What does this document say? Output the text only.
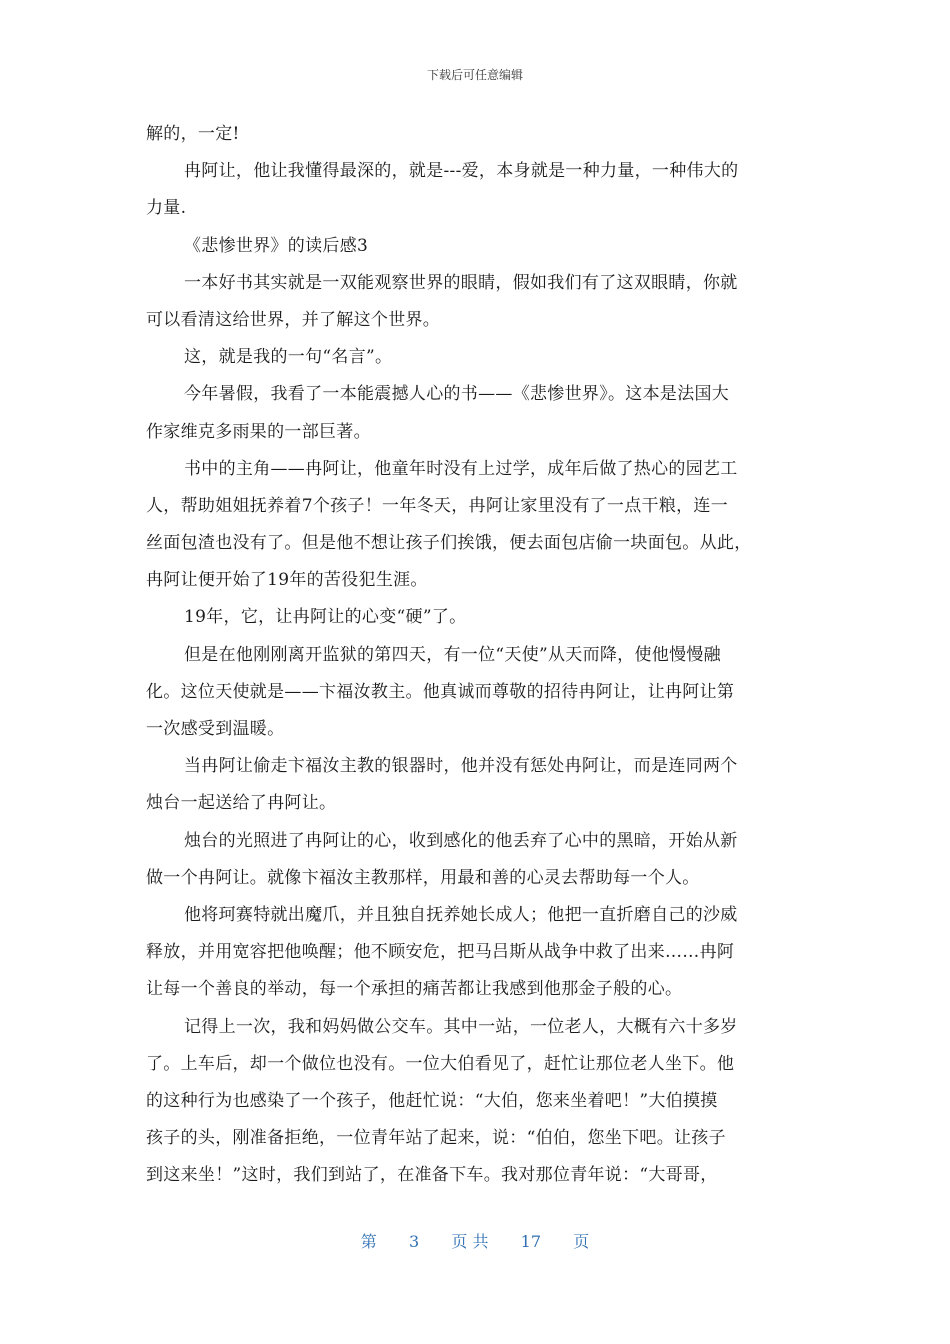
下载后可任意编辑
解的，一定!
冉阿让，他让我懂得最深的，就是---爱，本身就是一种力量，一种伟大的
力量.
《悲惨世界》的读后感3
一本好书其实就是一双能观察世界的眼睛，假如我们有了这双眼睛，你就
可以看清这给世界，并了解这个世界。
这，就是我的一句“名言”。
今年暑假，我看了一本能震撼人心的书——《悲惨世界》。这本是法国大
作家维克多雨果的一部巨著。
书中的主角——冉阿让，他童年时没有上过学，成年后做了热心的园艺工
人，帮助姐姐抚养着7个孩子！一年冬天，冉阿让家里没有了一点干粮，连一
丝面包渣也没有了。但是他不想让孩子们挨饿，便去面包店偷一块面包。从此，
冉阿让便开始了19年的苦役犯生涯。
19年，它，让冉阿让的心变“硬”了。
但是在他刚刚离开监狱的第四天，有一位“天使”从天而降，使他慢慢融
化。这位天使就是——卞福汝教主。他真诚而尊敬的招待冉阿让，让冉阿让第
一次感受到温暖。
当冉阿让偷走卞福汝主教的银器时，他并没有惩处冉阿让，而是连同两个
烛台一起送给了冉阿让。
烛台的光照进了冉阿让的心，收到感化的他丢弃了心中的黑暗，开始从新
做一个冉阿让。就像卞福汝主教那样，用最和善的心灵去帮助每一个人。
他将珂赛特就出魔爪，并且独自抚养她长成人；他把一直折磨自己的沙威
释放，并用宽容把他唤醒；他不顾安危，把马吕斯从战争中救了出来……冉阿
让每一个善良的举动，每一个承担的痛苦都让我感到他那金子般的心。
记得上一次，我和妈妈做公交车。其中一站，一位老人，大概有六十多岁
了。上车后，却一个做位也没有。一位大伯看见了，赶忙让那位老人坐下。他
的这种行为也感染了一个孩子，他赶忙说：“大伯，您来坐着吧！”大伯摸摸
孩子的头，刚准备拒绝，一位青年站了起来，说：“伯伯，您坐下吧。让孩子
到这来坐！”这时，我们到站了，在准备下车。我对那位青年说：“大哥哥，
第 3 页 共 17 页
